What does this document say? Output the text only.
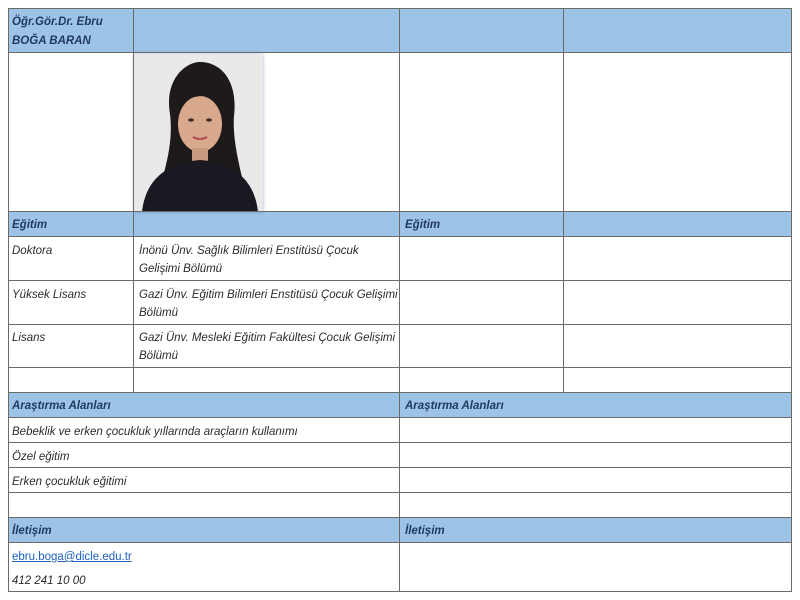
Öğr.Gör.Dr. Ebru
BOĞA BARAN
Eğitim	Eğitim
Doktora	İnönü Ünv. Sağlık Bilimleri Enstitüsü Çocuk
Gelişimi Bölümü
Yüksek Lisans	Gazi Ünv. Eğitim Bilimleri Enstitüsü Çocuk Gelişimi
Bölümü
Lisans	Gazi Ünv. Mesleki Eğitim Fakültesi Çocuk Gelişimi
Bölümü
Araştırma Alanları	Araştırma Alanları
Bebeklik ve erken çocukluk yıllarında araçların kullanımı
Özel eğitim
Erken çocukluk eğitimi
İletişim	İletişim
ebru.boga@dicle.edu.tr
412 241 10 00
